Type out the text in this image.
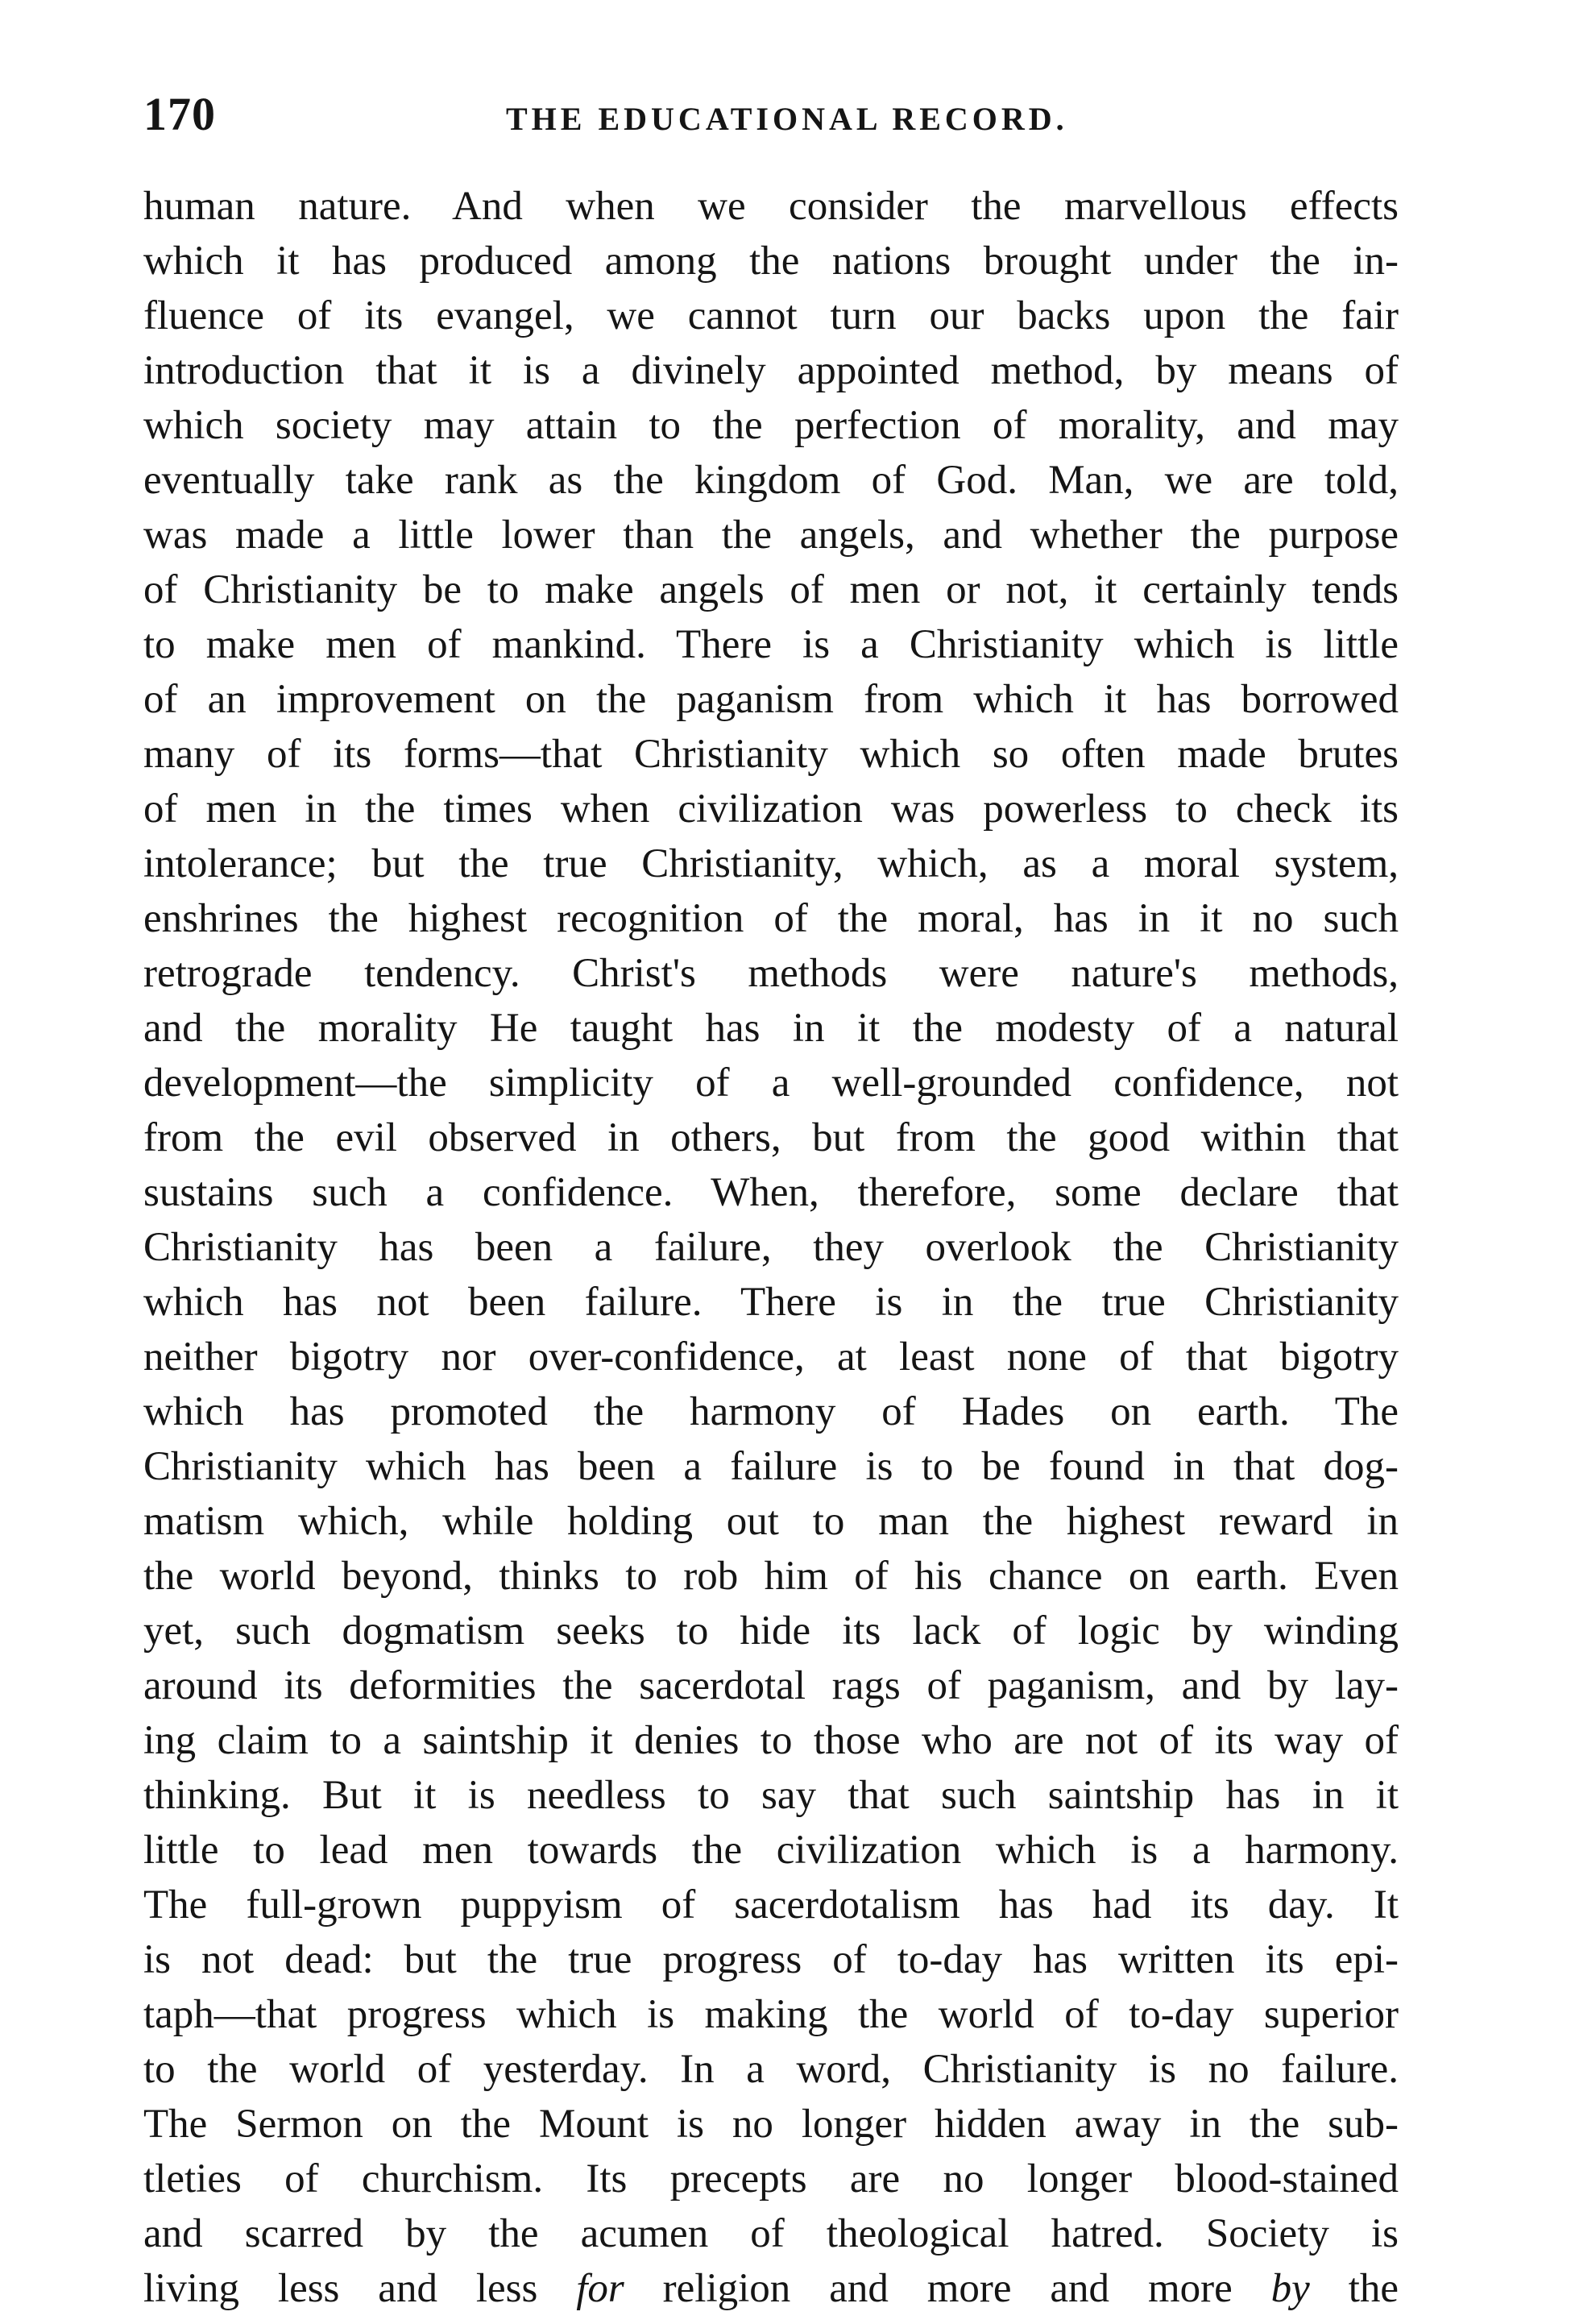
170	THE EDUCATIONAL RECORD.
human nature. And when we consider the marvellous effects
which it has produced among the nations brought under the in-
fluence of its evangel, we cannot turn our backs upon the fair
introduction that it is a divinely appointed method, by means of
which society may attain to the perfection of morality, and may
eventually take rank as the kingdom of God. Man, we are told,
was made a little lower than the angels, and whether the purpose
of Christianity be to make angels of men or not, it certainly tends
to make men of mankind. There is a Christianity which is little
of an improvement on the paganism from which it has borrowed
many of its forms—that Christianity which so often made brutes
of men in the times when civilization was powerless to check its
intolerance; but the true Christianity, which, as a moral system,
enshrines the highest recognition of the moral, has in it no such
retrograde tendency. Christ's methods were nature's methods,
and the morality He taught has in it the modesty of a natural
development—the simplicity of a well-grounded confidence, not
from the evil observed in others, but from the good within that
sustains such a confidence. When, therefore, some declare that
Christianity has been a failure, they overlook the Christianity
which has not been failure. There is in the true Christianity
neither bigotry nor over-confidence, at least none of that bigotry
which has promoted the harmony of Hades on earth. The
Christianity which has been a failure is to be found in that dog-
matism which, while holding out to man the highest reward in
the world beyond, thinks to rob him of his chance on earth. Even
yet, such dogmatism seeks to hide its lack of logic by winding
around its deformities the sacerdotal rags of paganism, and by lay-
ing claim to a saintship it denies to those who are not of its way of
thinking. But it is needless to say that such saintship has in it
little to lead men towards the civilization which is a harmony.
The full-grown puppyism of sacerdotalism has had its day. It
is not dead: but the true progress of to-day has written its epi-
taph—that progress which is making the world of to-day superior
to the world of yesterday. In a word, Christianity is no failure.
The Sermon on the Mount is no longer hidden away in the sub-
tleties of churchism. Its precepts are no longer blood-stained
and scarred by the acumen of theological hatred. Society is
living less and less for religion and more and more by the
